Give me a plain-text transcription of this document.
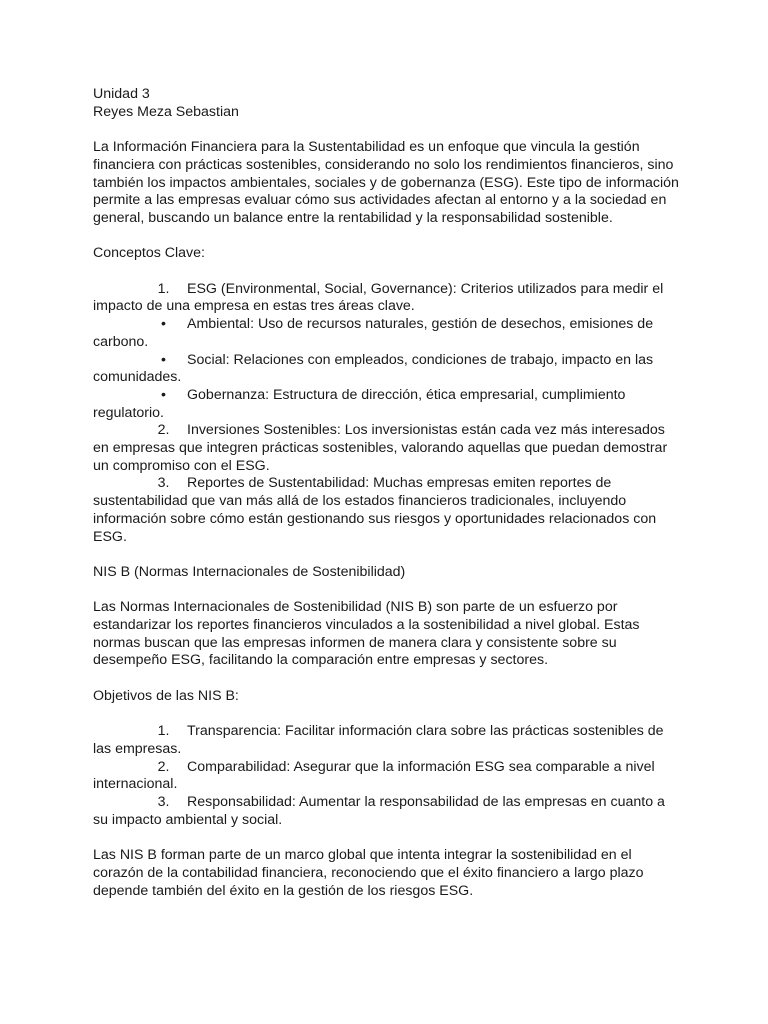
Unidad 3

Reyes Meza Sebastian

La Información Financiera para la Sustentabilidad es un enfoque que vincula la gestión financiera con prácticas sostenibles, considerando no solo los rendimientos financieros, sino también los impactos ambientales, sociales y de gobernanza (ESG). Este tipo de información permite a las empresas evaluar cómo sus actividades afectan al entorno y a la sociedad en general, buscando un balance entre la rentabilidad y la responsabilidad sostenible.

Conceptos Clave:

1. ESG (Environmental, Social, Governance): Criterios utilizados para medir el impacto de una empresa en estas tres áreas clave.

• Ambiental: Uso de recursos naturales, gestión de desechos, emisiones de carbono.

• Social: Relaciones con empleados, condiciones de trabajo, impacto en las comunidades.

• Gobernanza: Estructura de dirección, ética empresarial, cumplimiento regulatorio.

2. Inversiones Sostenibles: Los inversionistas están cada vez más interesados en empresas que integren prácticas sostenibles, valorando aquellas que puedan demostrar un compromiso con el ESG.

3. Reportes de Sustentabilidad: Muchas empresas emiten reportes de sustentabilidad que van más allá de los estados financieros tradicionales, incluyendo información sobre cómo están gestionando sus riesgos y oportunidades relacionados con ESG.

NIS B (Normas Internacionales de Sostenibilidad)

Las Normas Internacionales de Sostenibilidad (NIS B) son parte de un esfuerzo por estandarizar los reportes financieros vinculados a la sostenibilidad a nivel global. Estas normas buscan que las empresas informen de manera clara y consistente sobre su desempeño ESG, facilitando la comparación entre empresas y sectores.

Objetivos de las NIS B:

1. Transparencia: Facilitar información clara sobre las prácticas sostenibles de las empresas.

2. Comparabilidad: Asegurar que la información ESG sea comparable a nivel internacional.

3. Responsabilidad: Aumentar la responsabilidad de las empresas en cuanto a su impacto ambiental y social.

Las NIS B forman parte de un marco global que intenta integrar la sostenibilidad en el corazón de la contabilidad financiera, reconociendo que el éxito financiero a largo plazo depende también del éxito en la gestión de los riesgos ESG.
